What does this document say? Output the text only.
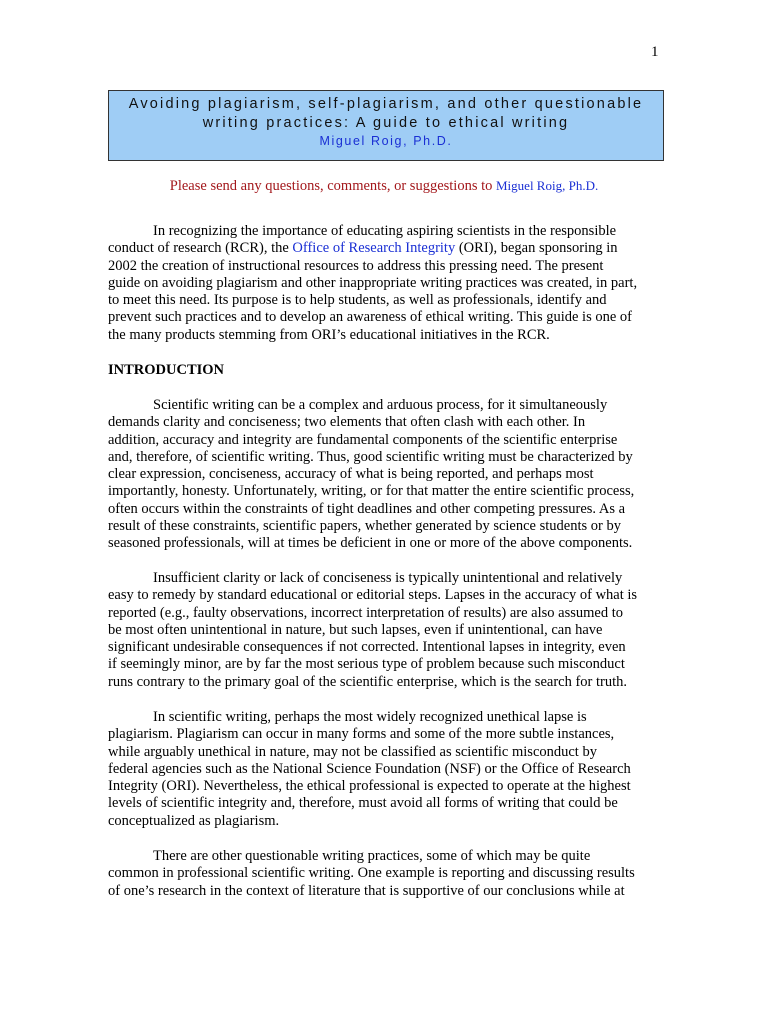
1
Avoiding plagiarism, self-plagiarism, and other questionable
writing practices: A guide to ethical writing
Miguel Roig, Ph.D.
Please send any questions, comments, or suggestions to Miguel Roig, Ph.D.
In recognizing the importance of educating aspiring scientists in the responsible
conduct of research (RCR), the Office of Research Integrity (ORI), began sponsoring in
2002 the creation of instructional resources to address this pressing need. The present
guide on avoiding plagiarism and other inappropriate writing practices was created, in part,
to meet this need. Its purpose is to help students, as well as professionals, identify and
prevent such practices and to develop an awareness of ethical writing. This guide is one of
the many products stemming from ORI’s educational initiatives in the RCR.
INTRODUCTION
Scientific writing can be a complex and arduous process, for it simultaneously
demands clarity and conciseness; two elements that often clash with each other. In
addition, accuracy and integrity are fundamental components of the scientific enterprise
and, therefore, of scientific writing. Thus, good scientific writing must be characterized by
clear expression, conciseness, accuracy of what is being reported, and perhaps most
importantly, honesty. Unfortunately, writing, or for that matter the entire scientific process,
often occurs within the constraints of tight deadlines and other competing pressures. As a
result of these constraints, scientific papers, whether generated by science students or by
seasoned professionals, will at times be deficient in one or more of the above components.
Insufficient clarity or lack of conciseness is typically unintentional and relatively
easy to remedy by standard educational or editorial steps. Lapses in the accuracy of what is
reported (e.g., faulty observations, incorrect interpretation of results) are also assumed to
be most often unintentional in nature, but such lapses, even if unintentional, can have
significant undesirable consequences if not corrected. Intentional lapses in integrity, even
if seemingly minor, are by far the most serious type of problem because such misconduct
runs contrary to the primary goal of the scientific enterprise, which is the search for truth.
In scientific writing, perhaps the most widely recognized unethical lapse is
plagiarism. Plagiarism can occur in many forms and some of the more subtle instances,
while arguably unethical in nature, may not be classified as scientific misconduct by
federal agencies such as the National Science Foundation (NSF) or the Office of Research
Integrity (ORI). Nevertheless, the ethical professional is expected to operate at the highest
levels of scientific integrity and, therefore, must avoid all forms of writing that could be
conceptualized as plagiarism.
There are other questionable writing practices, some of which may be quite
common in professional scientific writing. One example is reporting and discussing results
of one’s research in the context of literature that is supportive of our conclusions while at
